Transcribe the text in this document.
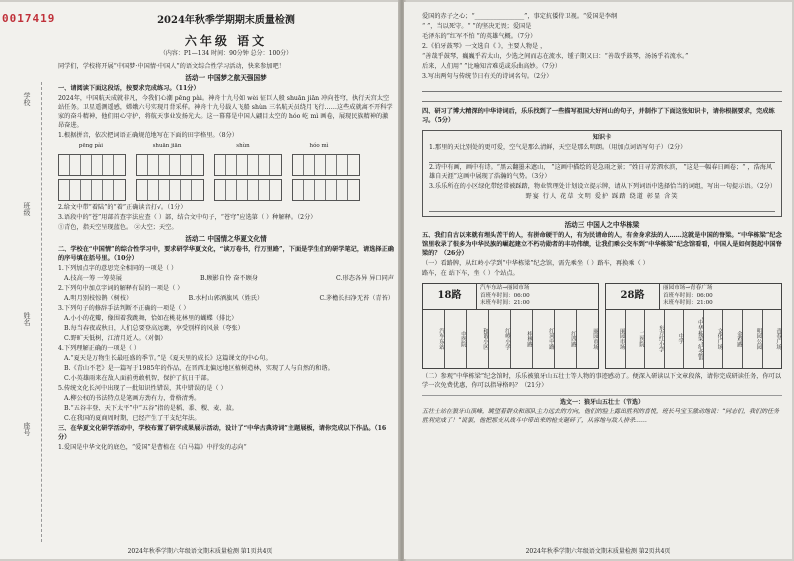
0017419
学校
班级
姓名
座号
2024年秋季学期期末质量检测
六年级 语文
（内容：P1—134 时间：90分钟 总分：100分）
同学们，学校将开展“中国梦·中国情·中国人”的语文综合性学习活动，快来参加吧！
活动一 中国梦之航天强国梦
一、请阅读下面这段话，按要求完成练习。（11分）
2024年，中国航天成就非凡，今我们心潮 pēng pài。神舟十九号如 wèi 征巨人般 shuān jiān 冲向苍穹，执行天宫太空站任务。卫星遥测遥感，嫦娥六号实现月背采样。神舟十九号载人飞船 shùn 三名航天员绕月飞行……这些成就离不开科学家的奋斗精神，他们用心守护，将航天事业发扬光大。这一幕幕是中国人翩目太空的 hóo 屹 mì 画卷，展现民族精神的激昂奋进。
1.根据拼音，依次把词语正确规范地写在下面的田字格里。（8分）
pēng pài	shuān jiān	shùn	hóo mì
2.给文中带“着陆”的“着”正确读音打√。（1分）
3.语段中的“苍”用部首查字法应查（ ）部，结合文中句子，“苍穹”应选第（ ）种解释。（2分）
①青色，指天空呈现蓝色。 ②大空；天空。
活动二 中国情之华夏文化情
二、学校在“中国情”的综合性学习中，要求研学华夏文化，“读万卷书，行万里路”，下面是学生们的研学笔记，请选择正确的序号填在括号里。（10分）
1.下列加点字的意思完全相同的一项是（ ）
A.技高一筹 一筹莫展	B.顾影自怜 奋不顾身	C.形态各异 异口同声
2.下列句中加点字词的解释有误的一项是（ ）
A.明月别枝惊鹊（树枝）	B.水村山郭酒旗风（姓氏）	C.茅檐长扫净无苔（青苔）
3.下列句子的修辞手法判断不正确的一项是（ ）
A.小小的花瓣，像围着我跳舞，恰如在桃花林里的蝴蝶（排比）
B.每当春夜或秋日，人们总要登高远眺，享受别样的风景（夸张）
C.野旷天低树，江清月近人。（对偶）
4.下列理解正确的一项是（ ）
A.“夏天是万物生长最旺盛的季节。”是《夏天里的成长》这篇课文的中心句。
B.《青山不老》是一篇写于1985年的作品，在晋西北偏远地区植树造林，实现了人与自然的和谐。
C.小英雄雨来在敌人面前勇敢机智，保护了抗日干部。
5.传统文化长河中出现了一批知识性错误，其中错误的是（ ）
A.柳公权的书法特点是笔画方劲有力，骨格清秀。
B.“五谷丰登、天下太平”中“五谷”指的是稻、黍、稷、麦、菽。
C.在我国的夏商周时期，已经产生了干支纪年法。
三、在华夏文化研学活动中，学校布置了研学成果展示活动，设计了“中华古典诗词”主题展板，请你完成以下作品。（16分）
1.爱国是中华文化的底色，“爱国”是曹植在《白马篇》中抒发的志向“
2024年秋季学期六年级语文期末质量检测 第1页共4页
爱国的赤子之心；“________________”，事定抗倭侍卫视。“爱国是李纲
“ ”，当以死守。“ ”的坚决无畏；爱国是
毛泽东的“红军不怕 ”的英雄气概。（7分）
2.《伯牙鼓琴》一文选自《 》，主要人物是 ，
“善哉乎鼓琴，巍巍乎若太山，少选之间而志在流水，锺子期又曰：“善哉乎鼓琴，汤汤乎若流水。”
后来，人们用“ ”比喻知音难觅或乐曲高妙。（7分）
3.写出两句与传统节日有关的诗词名句。（2分）
四、研习了博大精深的中华诗词后，乐乐找到了一些描写祖国大好河山的句子，并制作了下面这张知识卡，请你根据要求，完成练习。（5分）
知识卡
1.那里的天比别处的更可爱，空气是那么清鲜，天空是那么明朗。（用加点词语写句子）（2分）
2.诗中有画，画中有诗。“黑云翻墨未遮山， ”这画中描绘的是急雨之景；“姓日寻芳泗水滨， ”这是一幅春日画卷；“ ，浩海风雄自天涯”这画中展现了浩瀚的气势。（3分）
3.乐乐所在的小区绿化带经常被踩踏，物业管理处计划设立提示牌，请从下列词语中选择恰当的词组，写出一句提示语。（2分）
野宴 行人 花草 文明 爱护 踩踏 绕道 彰显 含笑
活动三 中国人之中华栋梁
五、我们自古以来就有埋头苦干的人，有拼命硬干的人，有为民请命的人，有舍身求法的人……这就是中国的脊梁。“中华栋梁”纪念馆里收录了很多为中华民族的崛起建立不朽功勋者的丰功伟绩，让我们乘公交车到“中华栋梁”纪念馆看看，中国人是如何挺起中国脊梁的？（26分）
（一）看路牌，从红岭小学到“中华栋梁”纪念馆，需先乘坐（ ）路车，再换乘（ ）
路车，在 站下车，坐（ ）个站点。
18路
汽车东站→丽园市场
首班车时间：06:00
末班车时间：21:00
汽车东站	中医院	和谐小区	红岭小学	桂林路	红河中路	红四路	丽园市场
28路
丽园市场→青春广场
首班车时间：06:00
末班车时间：21:00
丽园市场	二医院	东方红小学	中学	“中华栋梁”纪念馆	文化广场	金鸡路	明园公园	青春广场
（二）参观“中华栋梁”纪念馆时，乐乐被狼牙山五壮士等人物的事迹感动了。便深入研读以下文章段落，请你完成研读任务，你可以学一次免费优惠，你可以指导格吗？（21分）
选文一：狼牙山五壮士（节选）
五壮士站在狼牙山顶峰，眺望着群众和部队主力远去的方向，他们的脸上露出胜利的喜悦，班长马宝玉激动地说：“同志们，我们的任务胜利完成了！”说罢，他把那支从战斗中带出来的枪支砸碎了，从容地与敌人拼杀……
2024年秋季学期六年级语文期末质量检测 第2页共4页
